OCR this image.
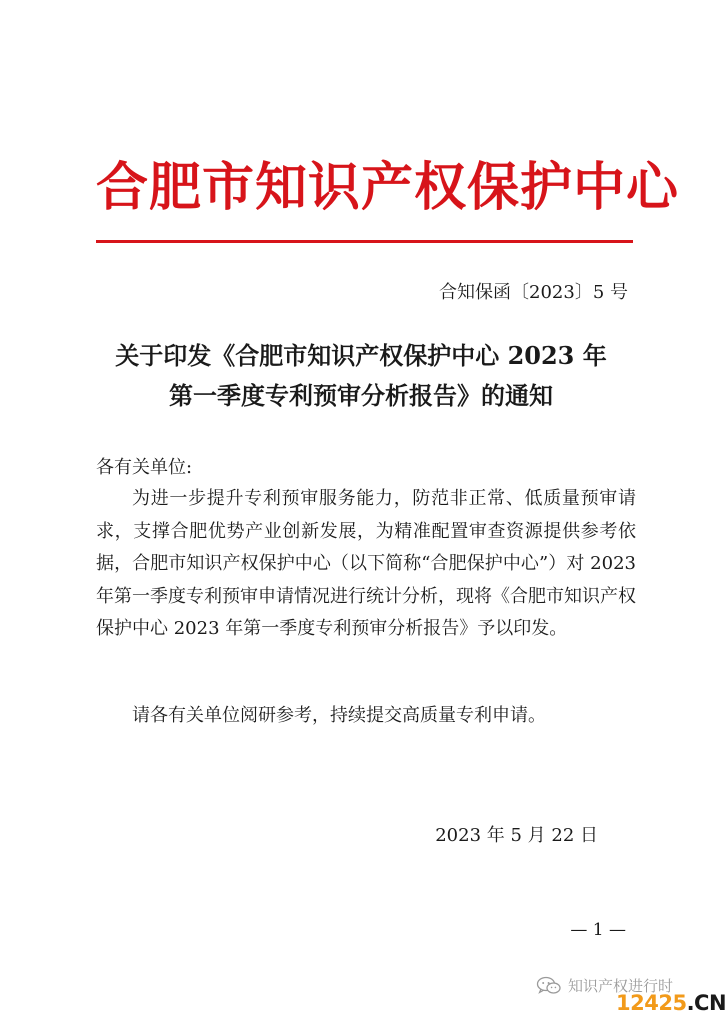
合肥市知识产权保护中心
合知保函〔2023〕5 号
关于印发《合肥市知识产权保护中心 2023 年
第一季度专利预审分析报告》的通知
各有关单位:
为进一步提升专利预审服务能力，防范非正常、低质量预审请求，支撑合肥优势产业创新发展，为精准配置审查资源提供参考依据，合肥市知识产权保护中心（以下简称“合肥保护中心”）对 2023 年第一季度专利预审申请情况进行统计分析，现将《合肥市知识产权保护中心 2023 年第一季度专利预审分析报告》予以印发。
请各有关单位阅研参考，持续提交高质量专利申请。
2023 年 5 月 22 日
— 1 —
知识产权进行时
12425.CN
